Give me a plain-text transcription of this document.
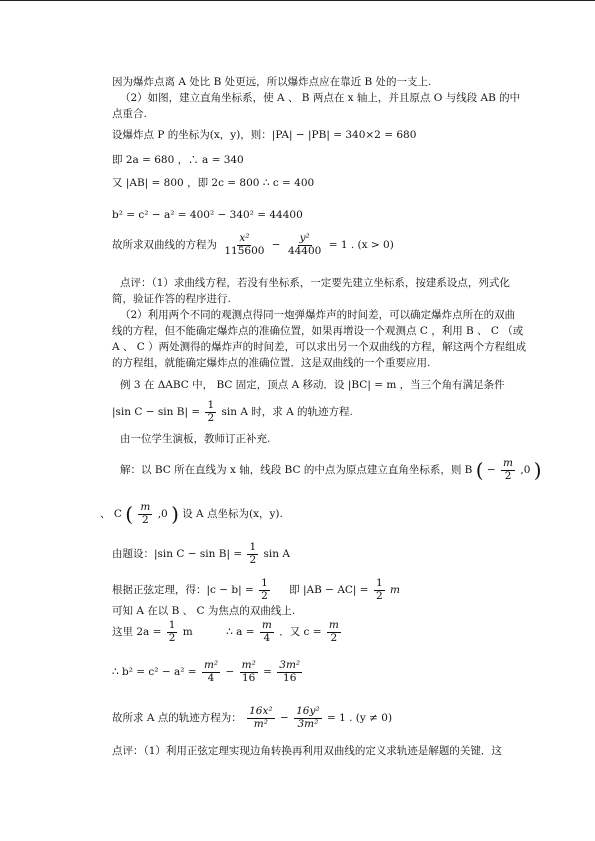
因为爆炸点离 A 处比 B 处更远，所以爆炸点应在靠近 B 处的一支上.
（2）如图，建立直角坐标系，使 A 、 B 两点在 x 轴上，并且原点 O 与线段 AB 的中
点重合.
设爆炸点 P 的坐标为(x，y)，则：|PA| − |PB| = 340×2 = 680
即 2a = 680 ，∴ a = 340
又 |AB| = 800 ，即 2c = 800 ∴ c = 400
b² = c² − a² = 400² − 340² = 44400
故所求双曲线的方程为 $\frac{\text{x²}}{115600} - \frac{\text{y²}}{44400} = 1$ . (x > 0)
点评：（1）求曲线方程，若没有坐标系，一定要先建立坐标系，按建系设点，列式化
简，验证作答的程序进行.
（2）利用两个不同的观测点得同一炮弹爆炸声的时间差，可以确定爆炸点所在的双曲
线的方程，但不能确定爆炸点的准确位置，如果再增设一个观测点 C ，利用 B 、 C （或
A 、 C ）两处测得的爆炸声的时间差，可以求出另一个双曲线的方程，解这两个方程组成
的方程组，就能确定爆炸点的准确位置．这是双曲线的一个重要应用.
例 3 在 ΔABC 中， BC 固定，顶点 A 移动．设 |BC| = m ，当三个角有满足条件
|sin $C - \sin B| = \frac{1}{2}$ sin A 时，求 A 的轨迹方程.
由一位学生演板，教师订正补充.
解：以 BC 所在直线为 x 轴，线段 BC 的中点为原点建立直角坐标系，则 B ( − $\frac{m}{2} ,0$ )
、 C ( $\frac{m}{2} ,0$ ) 设 A 点坐标为(x，y).
由题设：|sin $C - \sin B| = \frac{1}{2}$ sin A
根据正弦定理，得：$|c - b| = \frac{1}{2}$ 即 $|AB - AC| = \frac{1}{2}$ m
可知 A 在以 B 、 C 为焦点的双曲线上.
这里 $2a = \frac{1}{2}$ m          ∴ $a = \frac{m}{4}$ ．又 $c = \frac{m}{2}$
∴ $b^2 = c^2 - a^2 = \frac{\text{m²}}{4} - \frac{\text{m²}}{16} = \frac{\text{3m²}}{16}$
故所求 A 点的轨迹方程为： $\frac{\text{16x²}}{\text{m²}} - \frac{\text{16y²}}{\text{3m²}} = 1$ . (y ≠ 0)
点评：（1）利用正弦定理实现边角转换再利用双曲线的定义求轨迹是解题的关键．这
